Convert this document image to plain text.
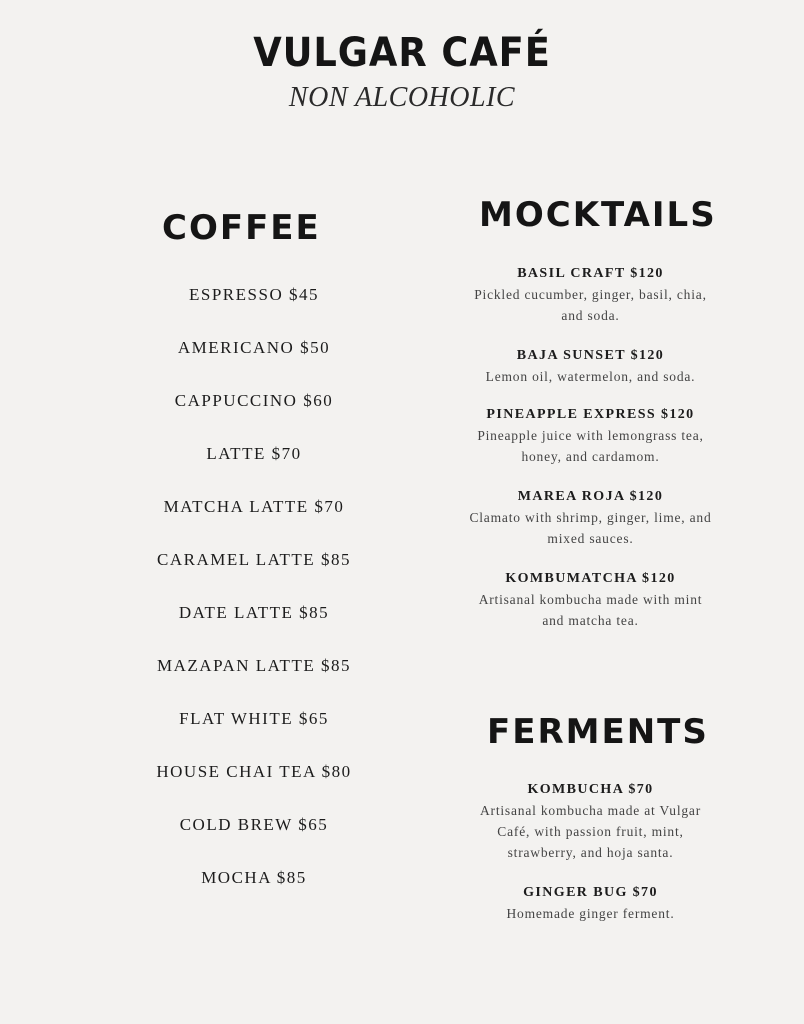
VULGAR CAFÉ
NON ALCOHOLIC
COFFEE
ESPRESSO $45
AMERICANO $50
CAPPUCCINO $60
LATTE $70
MATCHA LATTE $70
CARAMEL LATTE $85
DATE LATTE $85
MAZAPAN LATTE $85
FLAT WHITE $65
HOUSE CHAI TEA $80
COLD BREW $65
MOCHA $85
MOCKTAILS
BASIL CRAFT $120
Pickled cucumber, ginger, basil, chia, and soda.
BAJA SUNSET $120
Lemon oil, watermelon, and soda.
PINEAPPLE EXPRESS $120
Pineapple juice with lemongrass tea, honey, and cardamom.
MAREA ROJA $120
Clamato with shrimp, ginger, lime, and mixed sauces.
KOMBUMATCHA $120
Artisanal kombucha made with mint and matcha tea.
FERMENTS
KOMBUCHA $70
Artisanal kombucha made at Vulgar Café, with passion fruit, mint, strawberry, and hoja santa.
GINGER BUG $70
Homemade ginger ferment.
